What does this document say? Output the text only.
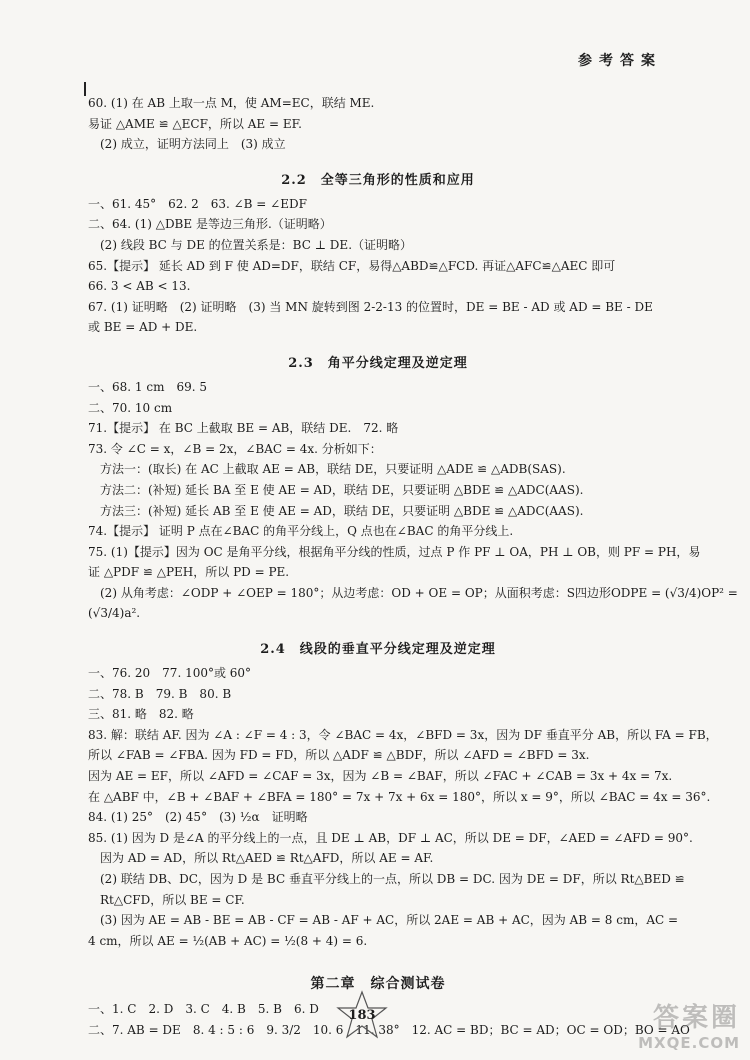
参考答案
60. (1) 在 AB 上取一点 M，使 AM=EC，联结 ME.
易证 △AME ≌ △ECF，所以 AE = EF.
(2) 成立，证明方法同上　(3) 成立
2.2　全等三角形的性质和应用
一、61. 45°　62. 2　63. ∠B = ∠EDF
二、64. (1) △DBE 是等边三角形.（证明略）
(2) 线段 BC 与 DE 的位置关系是：BC ⊥ DE.（证明略）
65.【提示】 延长 AD 到 F 使 AD=DF，联结 CF，易得△ABD≌△FCD. 再证△AFC≌△AEC 即可
66. 3 < AB < 13.
67. (1) 证明略　(2) 证明略　(3) 当 MN 旋转到图 2-2-13 的位置时，DE = BE - AD 或 AD = BE - DE
或 BE = AD + DE.
2.3　角平分线定理及逆定理
一、68. 1 cm　69. 5
二、70. 10 cm
71.【提示】 在 BC 上截取 BE = AB，联结 DE.　72. 略
73. 令 ∠C = x，∠B = 2x，∠BAC = 4x. 分析如下：
方法一：(取长) 在 AC 上截取 AE = AB，联结 DE，只要证明 △ADE ≌ △ADB(SAS).
方法二：(补短) 延长 BA 至 E 使 AE = AD，联结 DE，只要证明 △BDE ≌ △ADC(AAS).
方法三：(补短) 延长 AB 至 E 使 AE = AD，联结 DE，只要证明 △BDE ≌ △ADC(AAS).
74.【提示】 证明 P 点在∠BAC 的角平分线上，Q 点也在∠BAC 的角平分线上.
75. (1)【提示】因为 OC 是角平分线，根据角平分线的性质，过点 P 作 PF ⊥ OA，PH ⊥ OB，则 PF = PH，易
证 △PDF ≌ △PEH，所以 PD = PE.
(2) 从角考虑：∠ODP + ∠OEP = 180°；从边考虑：OD + OE = OP；从面积考虑：S四边形ODPE = (√3/4)OP² =
(√3/4)a².
2.4　线段的垂直平分线定理及逆定理
一、76. 20　77. 100°或 60°
二、78. B　79. B　80. B
三、81. 略　82. 略
83. 解：联结 AF. 因为 ∠A : ∠F = 4 : 3，令 ∠BAC = 4x，∠BFD = 3x，因为 DF 垂直平分 AB，所以 FA = FB，
所以 ∠FAB = ∠FBA. 因为 FD = FD，所以 △ADF ≌ △BDF，所以 ∠AFD = ∠BFD = 3x.
因为 AE = EF，所以 ∠AFD = ∠CAF = 3x，因为 ∠B = ∠BAF，所以 ∠FAC + ∠CAB = 3x + 4x = 7x.
在 △ABF 中，∠B + ∠BAF + ∠BFA = 180° = 7x + 7x + 6x = 180°，所以 x = 9°，所以 ∠BAC = 4x = 36°.
84. (1) 25°　(2) 45°　(3) ½α　证明略
85. (1) 因为 D 是∠A 的平分线上的一点，且 DE ⊥ AB，DF ⊥ AC，所以 DE = DF，∠AED = ∠AFD = 90°.
因为 AD = AD，所以 Rt△AED ≌ Rt△AFD，所以 AE = AF.
(2) 联结 DB、DC，因为 D 是 BC 垂直平分线上的一点，所以 DB = DC. 因为 DE = DF，所以 Rt△BED ≌
Rt△CFD，所以 BE = CF.
(3) 因为 AE = AB - BE = AB - CF = AB - AF + AC，所以 2AE = AB + AC，因为 AB = 8 cm，AC =
4 cm，所以 AE = ½(AB + AC) = ½(8 + 4) = 6.
第二章　综合测试卷
一、1. C　2. D　3. C　4. B　5. B　6. D
二、7. AB = DE　8. 4 : 5 : 6　9. 3/2　10. 6　11. 38°　12. AC = BD；BC = AD；OC = OD；BO = AO
183	答案圈
MXQE.COM
